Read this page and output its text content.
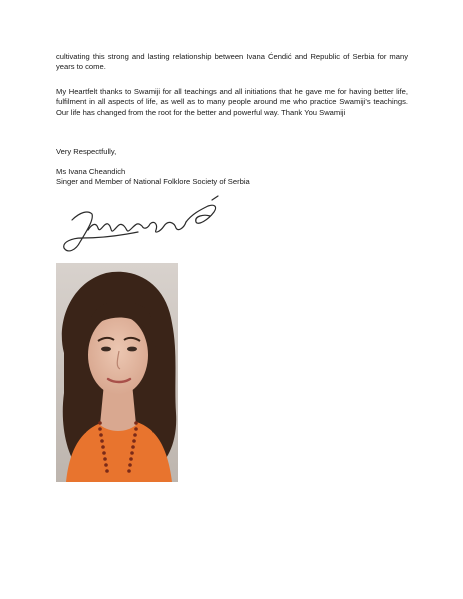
cultivating this strong and lasting relationship between Ivana Ćendić and Republic of Serbia for many years to come.

My Heartfelt thanks to Swamiji for all teachings and all initiations that he gave me for having better life, fulfilment in all aspects of life, as well as to many people around me who practice Swamiji's teachings. Our life has changed from the root for the better and powerful way. Thank You Swamiji

Very Respectfully,

Ms Ivana Cheandich

Singer and Member of National Folklore Society of Serbia
